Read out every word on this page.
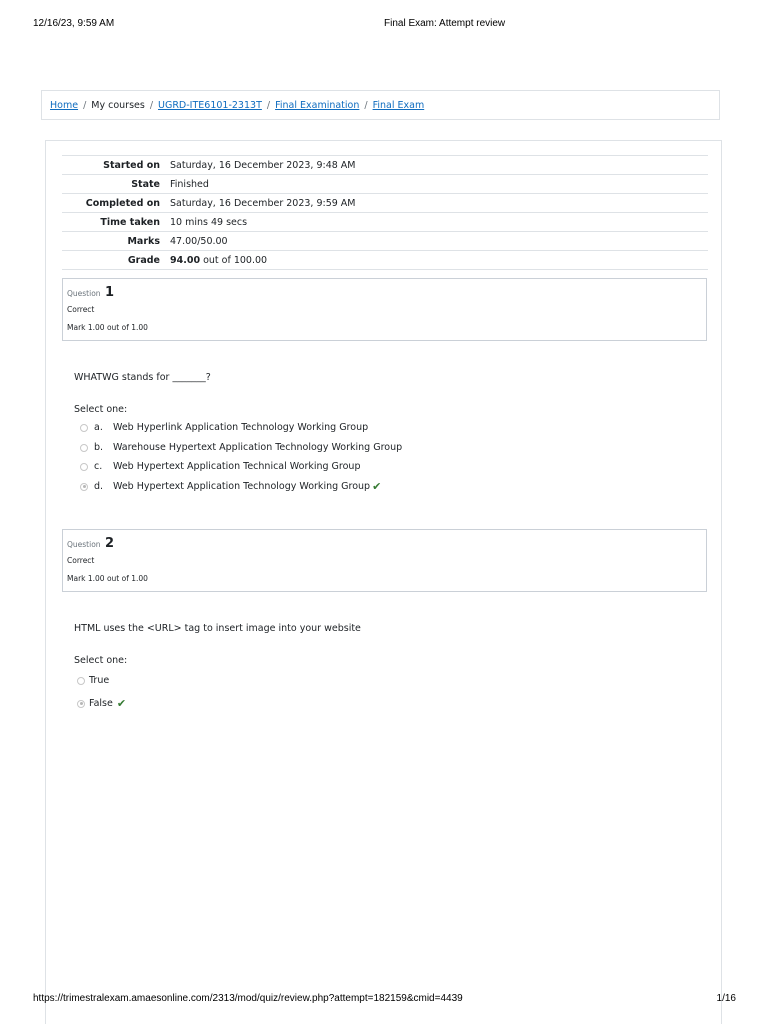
12/16/23, 9:59 AM	Final Exam: Attempt review
Home / My courses / UGRD-ITE6101-2313T / Final Examination / Final Exam
Started on	Saturday, 16 December 2023, 9:48 AM
State	Finished
Completed on	Saturday, 16 December 2023, 9:59 AM
Time taken	10 mins 49 secs
Marks	47.00/50.00
Grade	94.00 out of 100.00
Question 1
Correct
Mark 1.00 out of 1.00
WHATWG stands for _______?
Select one:
a.	Web Hyperlink Application Technology Working Group
b.	Warehouse Hypertext Application Technology Working Group
c.	Web Hypertext Application Technical Working Group
d.	Web Hypertext Application Technology Working Group ✔
Question 2
Correct
Mark 1.00 out of 1.00
HTML uses the <URL> tag to insert image into your website
Select one:
True
False ✔
https://trimestralexam.amaesonline.com/2313/mod/quiz/review.php?attempt=182159&cmid=4439	1/16
